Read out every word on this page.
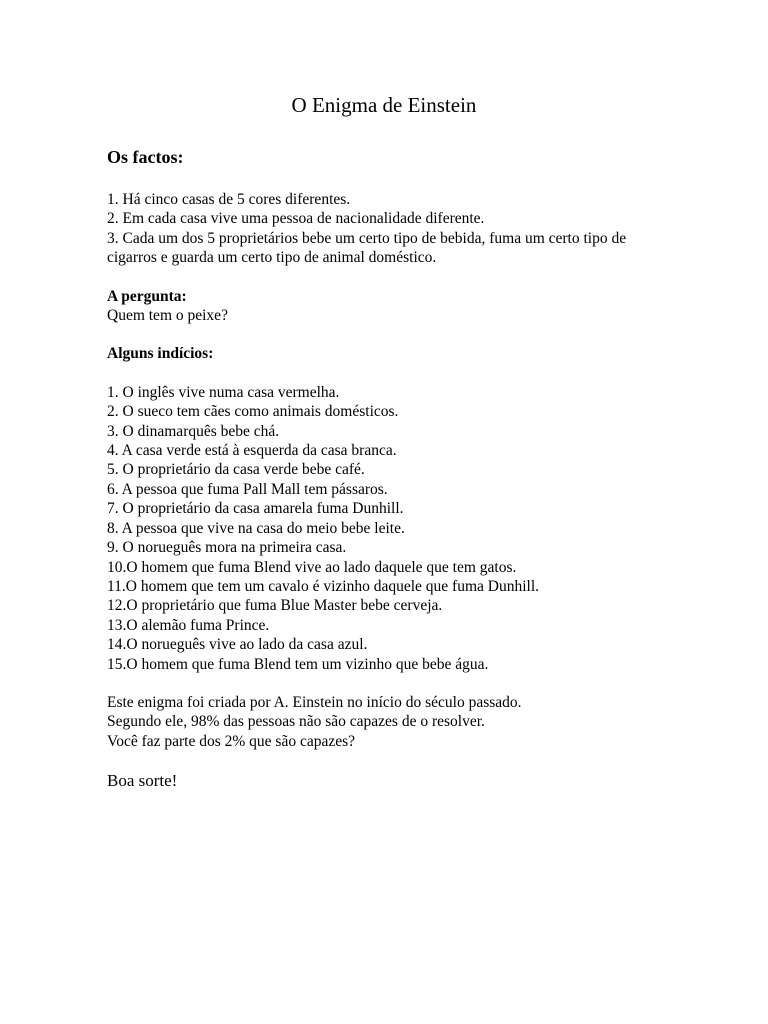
O Enigma de Einstein
Os factos:
1. Há cinco casas de 5 cores diferentes.
2. Em cada casa vive uma pessoa de nacionalidade diferente.
3. Cada um dos 5 proprietários bebe um certo tipo de bebida, fuma um certo tipo de
cigarros e guarda um certo tipo de animal doméstico.
A pergunta:
Quem tem o peixe?
Alguns indícios:
1. O inglês vive numa casa vermelha.
2. O sueco tem cães como animais domésticos.
3. O dinamarquês bebe chá.
4. A casa verde está à esquerda da casa branca.
5. O proprietário da casa verde bebe café.
6. A pessoa que fuma Pall Mall tem pássaros.
7. O proprietário da casa amarela fuma Dunhill.
8. A pessoa que vive na casa do meio bebe leite.
9. O norueguês mora na primeira casa.
10.O homem que fuma Blend vive ao lado daquele que tem gatos.
11.O homem que tem um cavalo é vizinho daquele que fuma Dunhill.
12.O proprietário que fuma Blue Master bebe cerveja.
13.O alemão fuma Prince.
14.O norueguês vive ao lado da casa azul.
15.O homem que fuma Blend tem um vizinho que bebe água.
Este enigma foi criada por A. Einstein no início do século passado.
Segundo ele, 98% das pessoas não são capazes de o resolver.
Você faz parte dos 2% que são capazes?
Boa sorte!
